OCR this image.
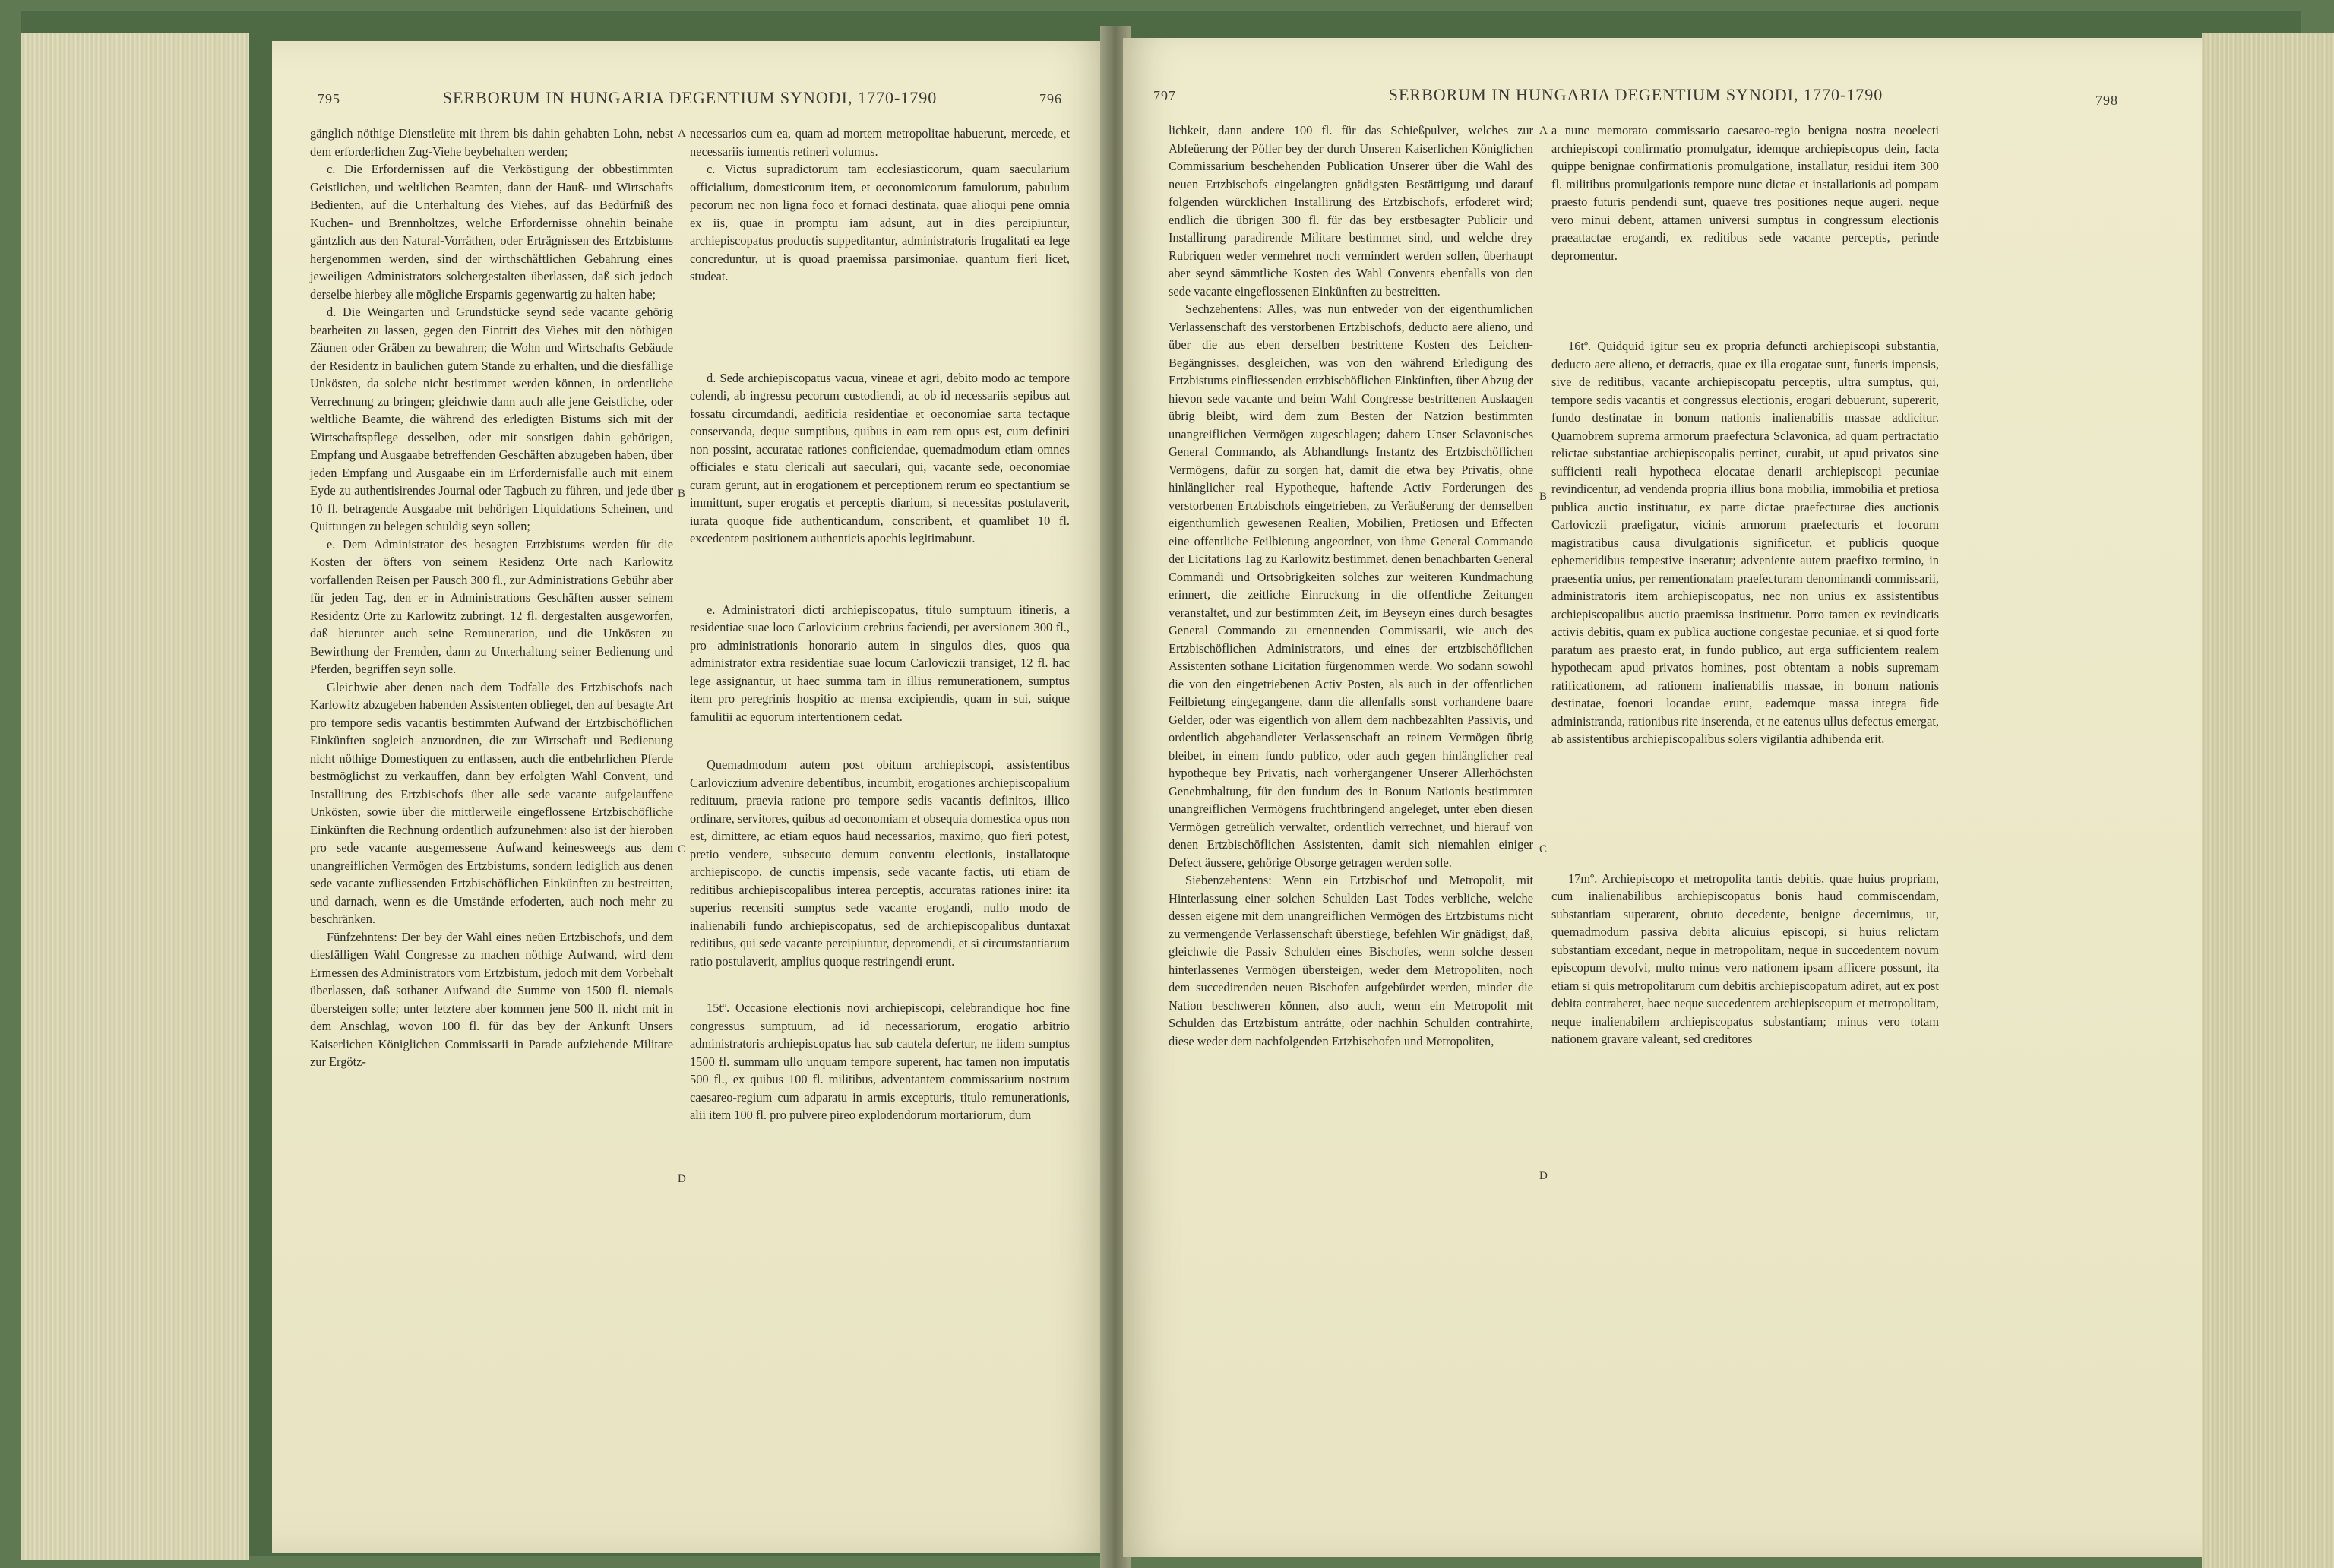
795	SERBORUM IN HUNGARIA DEGENTIUM SYNODI, 1770-1790	796

gänglich nöthige Dienstleüte mit ihrem bis dahin gehabten Lohn, nebst dem erforderlichen Zug-Viehe beybehalten werden;

c. Die Erfordernissen auf die Verköstigung der obbestimmten Geistlichen, und weltlichen Beamten, dann der Hauß- und Wirtschafts Bedienten, auf die Unterhaltung des Viehes, auf das Bedürfniß des Kuchen- und Brennholtzes, welche Erfordernisse ohnehin beinahe gäntzlich aus den Natural-Vorräthen, oder Erträgnissen des Ertzbistums hergenommen werden, sind der wirthschäftlichen Gebahrung eines jeweiligen Administrators solchergestalten überlassen, daß sich jedoch derselbe hierbey alle mögliche Ersparnis gegenwartig zu halten habe;

d. Die Weingarten und Grundstücke seynd sede vacante gehörig bearbeiten zu lassen, gegen den Eintritt des Viehes mit den nöthigen Zäunen oder Gräben zu bewahren; die Wohn und Wirtschafts Gebäude der Residentz in baulichen gutem Stande zu erhalten, und die diesfällige Unkösten, da solche nicht bestimmet werden können, in ordentliche Verrechnung zu bringen; gleichwie dann auch alle jene Geistliche, oder weltliche Beamte, die während des erledigten Bistums sich mit der Wirtschaftspflege desselben, oder mit sonstigen dahin gehörigen, Empfang und Ausgaabe betreffenden Geschäften abzugeben haben, über jeden Empfang und Ausgaabe ein im Erfordernisfalle auch mit einem Eyde zu authentisirendes Journal oder Tagbuch zu führen, und jede über 10 fl. betragende Ausgaabe mit behörigen Liquidations Scheinen, und Quittungen zu belegen schuldig seyn sollen;

e. Dem Administrator des besagten Ertzbistums werden für die Kosten der öfters von seinem Residenz Orte nach Karlowitz vorfallenden Reisen per Pausch 300 fl., zur Administrations Gebühr aber für jeden Tag, den er in Administrations Geschäften ausser seinem Residentz Orte zu Karlowitz zubringt, 12 fl. dergestalten ausgeworfen, daß hierunter auch seine Remuneration, und die Unkösten zu Bewirthung der Fremden, dann zu Unterhaltung seiner Bedienung und Pferden, begriffen seyn solle.

Gleichwie aber denen nach dem Todfalle des Ertzbischofs nach Karlowitz abzugeben habenden Assistenten oblieget, den auf besagte Art pro tempore sedis vacantis bestimmten Aufwand der Ertzbischöflichen Einkünften sogleich anzuordnen, die zur Wirtschaft und Bedienung nicht nöthige Domestiquen zu entlassen, auch die entbehrlichen Pferde bestmöglichst zu verkauffen, dann bey erfolgten Wahl Convent, und Installirung des Ertzbischofs über alle sede vacante aufgelauffene Unkösten, sowie über die mittlerweile eingeflossene Ertzbischöfliche Einkünften die Rechnung ordentlich aufzunehmen: also ist der hieroben pro sede vacante ausgemessene Aufwand keinesweegs aus dem unangreiflichen Vermögen des Ertzbistums, sondern lediglich aus denen sede vacante zufliessenden Ertzbischöflichen Einkünften zu bestreitten, und darnach, wenn es die Umstände erfoderten, auch noch mehr zu beschränken.

Fünfzehntens: Der bey der Wahl eines neüen Ertzbischofs, und dem diesfälligen Wahl Congresse zu machen nöthige Aufwand, wird dem Ermessen des Administrators vom Ertzbistum, jedoch mit dem Vorbehalt überlassen, daß sothaner Aufwand die Summe von 1500 fl. niemals übersteigen solle; unter letztere aber kommen jene 500 fl. nicht mit in dem Anschlag, wovon 100 fl. für das bey der Ankunft Unsers Kaiserlichen Königlichen Commissarii in Parade aufziehende Militare zur Ergötz-

A
B
C
D

necessarios cum ea, quam ad mortem metropolitae habuerunt, mercede, et necessariis iumentis retineri volumus.

c. Victus supradictorum tam ecclesiasticorum, quam saecularium officialium, domesticorum item, et oeconomicorum famulorum, pabulum pecorum nec non ligna foco et fornaci destinata, quae alioqui pene omnia ex iis, quae in promptu iam adsunt, aut in dies percipiuntur, archiepiscopatus productis suppeditantur, administratoris frugalitati ea lege concreduntur, ut is quoad praemissa parsimoniae, quantum fieri licet, studeat.

d. Sede archiepiscopatus vacua, vineae et agri, debito modo ac tempore colendi, ab ingressu pecorum custodiendi, ac ob id necessariis sepibus aut fossatu circumdandi, aedificia residentiae et oeconomiae sarta tectaque conservanda, deque sumptibus, quibus in eam rem opus est, cum definiri non possint, accuratae rationes conficiendae, quemadmodum etiam omnes officiales e statu clericali aut saeculari, qui, vacante sede, oeconomiae curam gerunt, aut in erogationem et perceptionem rerum eo spectantium se immittunt, super erogatis et perceptis diarium, si necessitas postulaverit, iurata quoque fide authenticandum, conscribent, et quamlibet 10 fl. excedentem positionem authenticis apochis legitimabunt.

e. Administratori dicti archiepiscopatus, titulo sumptuum itineris, a residentiae suae loco Carlovicium crebrius faciendi, per aversionem 300 fl., pro administrationis honorario autem in singulos dies, quos qua administrator extra residentiae suae locum Carloviczii transiget, 12 fl. hac lege assignantur, ut haec summa tam in illius remunerationem, sumptus item pro peregrinis hospitio ac mensa excipiendis, quam in sui, suique famulitii ac equorum intertentionem cedat.

Quemadmodum autem post obitum archiepiscopi, assistentibus Carloviczium advenire debentibus, incumbit, erogationes archiepiscopalium redituum, praevia ratione pro tempore sedis vacantis definitos, illico ordinare, servitores, quibus ad oeconomiam et obsequia domestica opus non est, dimittere, ac etiam equos haud necessarios, maximo, quo fieri potest, pretio vendere, subsecuto demum conventu electionis, installatoque archiepiscopo, de cunctis impensis, sede vacante factis, uti etiam de reditibus archiepiscopalibus interea perceptis, accuratas rationes inire: ita superius recensiti sumptus sede vacante erogandi, nullo modo de inalienabili fundo archiepiscopatus, sed de archiepiscopalibus duntaxat reditibus, qui sede vacante percipiuntur, depromendi, et si circumstantiarum ratio postulaverit, amplius quoque restringendi erunt.

15tº. Occasione electionis novi archiepiscopi, celebrandique hoc fine congressus sumptuum, ad id necessariorum, erogatio arbitrio administratoris archiepiscopatus hac sub cautela defertur, ne iidem sumptus 1500 fl. summam ullo unquam tempore superent, hac tamen non imputatis 500 fl., ex quibus 100 fl. militibus, adventantem commissarium nostrum caesareo-regium cum adparatu in armis excepturis, titulo remunerationis, alii item 100 fl. pro pulvere pireo explodendorum mortariorum, dum

797	SERBORUM IN HUNGARIA DEGENTIUM SYNODI, 1770-1790	798

lichkeit, dann andere 100 fl. für das Schießpulver, welches zur Abfeüerung der Pöller bey der durch Unseren Kaiserlichen Königlichen Commissarium beschehenden Publication Unserer über die Wahl des neuen Ertzbischofs eingelangten gnädigsten Bestättigung und darauf folgenden würcklichen Installirung des Ertzbischofs, erfoderet wird; endlich die übrigen 300 fl. für das bey erstbesagter Publicir und Installirung paradirende Militare bestimmet sind, und welche drey Rubriquen weder vermehret noch vermindert werden sollen, überhaupt aber seynd sämmtliche Kosten des Wahl Convents ebenfalls von den sede vacante eingeflossenen Einkünften zu bestreitten.

Sechzehentens: Alles, was nun entweder von der eigenthumlichen Verlassenschaft des verstorbenen Ertzbischofs, deducto aere alieno, und über die aus eben derselben bestrittene Kosten des Leichen-Begängnisses, desgleichen, was von den während Erledigung des Ertzbistums einfliessenden ertzbischöflichen Einkünften, über Abzug der hievon sede vacante und beim Wahl Congresse bestrittenen Auslaagen übrig bleibt, wird dem zum Besten der Natzion bestimmten unangreiflichen Vermögen zugeschlagen; dahero Unser Sclavonisches General Commando, als Abhandlungs Instantz des Ertzbischöflichen Vermögens, dafür zu sorgen hat, damit die etwa bey Privatis, ohne hinlänglicher real Hypotheque, haftende Activ Forderungen des verstorbenen Ertzbischofs eingetrieben, zu Veräußerung der demselben eigenthumlich gewesenen Realien, Mobilien, Pretiosen und Effecten eine offentliche Feilbietung angeordnet, von ihme General Commando der Licitations Tag zu Karlowitz bestimmet, denen benachbarten General Commandi und Ortsobrigkeiten solches zur weiteren Kundmachung erinnert, die zeitliche Einruckung in die offentliche Zeitungen veranstaltet, und zur bestimmten Zeit, im Beyseyn eines durch besagtes General Commando zu ernennenden Commissarii, wie auch des Ertzbischöflichen Administrators, und eines der ertzbischöflichen Assistenten sothane Licitation fürgenommen werde. Wo sodann sowohl die von den eingetriebenen Activ Posten, als auch in der offentlichen Feilbietung eingegangene, dann die allenfalls sonst vorhandene baare Gelder, oder was eigentlich von allem dem nachbezahlten Passivis, und ordentlich abgehandleter Verlassenschaft an reinem Vermögen übrig bleibet, in einem fundo publico, oder auch gegen hinlänglicher real hypotheque bey Privatis, nach vorhergangener Unserer Allerhöchsten Genehmhaltung, für den fundum des in Bonum Nationis bestimmten unangreiflichen Vermögens fruchtbringend angeleget, unter eben diesen Vermögen getreülich verwaltet, ordentlich verrechnet, und hierauf von denen Ertzbischöflichen Assistenten, damit sich niemahlen einiger Defect äussere, gehörige Obsorge getragen werden solle.

Siebenzehentens: Wenn ein Ertzbischof und Metropolit, mit Hinterlassung einer solchen Schulden Last Todes verbliche, welche dessen eigene mit dem unangreiflichen Vermögen des Ertzbistums nicht zu vermengende Verlassenschaft überstiege, befehlen Wir gnädigst, daß, gleichwie die Passiv Schulden eines Bischofes, wenn solche dessen hinterlassenes Vermögen übersteigen, weder dem Metropoliten, noch dem succedirenden neuen Bischofen aufgebürdet werden, minder die Nation beschweren können, also auch, wenn ein Metropolit mit Schulden das Ertzbistum antrátte, oder nachhin Schulden contrahirte, diese weder dem nachfolgenden Ertzbischofen und Metropoliten,

A
B
C
D

a nunc memorato commissario caesareo-regio benigna nostra neoelecti archiepiscopi confirmatio promulgatur, idemque archiepiscopus dein, facta quippe benignae confirmationis promulgatione, installatur, residui item 300 fl. militibus promulgationis tempore nunc dictae et installationis ad pompam praesto futuris pendendi sunt, quaeve tres positiones neque augeri, neque vero minui debent, attamen universi sumptus in congressum electionis praeattactae erogandi, ex reditibus sede vacante perceptis, perinde depromentur.

16tº. Quidquid igitur seu ex propria defuncti archiepiscopi substantia, deducto aere alieno, et detractis, quae ex illa erogatae sunt, funeris impensis, sive de reditibus, vacante archiepiscopatu perceptis, ultra sumptus, qui, tempore sedis vacantis et congressus electionis, erogari debuerunt, supererit, fundo destinatae in bonum nationis inalienabilis massae addicitur. Quamobrem suprema armorum praefectura Sclavonica, ad quam pertractatio relictae substantiae archiepiscopalis pertinet, curabit, ut apud privatos sine sufficienti reali hypotheca elocatae denarii archiepiscopi pecuniae revindicentur, ad vendenda propria illius bona mobilia, immobilia et pretiosa publica auctio instituatur, ex parte dictae praefecturae dies auctionis Carloviczii praefigatur, vicinis armorum praefecturis et locorum magistratibus causa divulgationis significetur, et publicis quoque ephemeridibus tempestive inseratur; adveniente autem praefixo termino, in praesentia unius, per rementionatam praefecturam denominandi commissarii, administratoris item archiepiscopatus, nec non unius ex assistentibus archiepiscopalibus auctio praemissa instituetur. Porro tamen ex revindicatis activis debitis, quam ex publica auctione congestae pecuniae, et si quod forte paratum aes praesto erat, in fundo publico, aut erga sufficientem realem hypothecam apud privatos homines, post obtentam a nobis supremam ratificationem, ad rationem inalienabilis massae, in bonum nationis destinatae, foenori locandae erunt, eademque massa integra fide administranda, rationibus rite inserenda, et ne eatenus ullus defectus emergat, ab assistentibus archiepiscopalibus solers vigilantia adhibenda erit.

17mº. Archiepiscopo et metropolita tantis debitis, quae huius propriam, cum inalienabilibus archiepiscopatus bonis haud commiscendam, substantiam superarent, obruto decedente, benigne decernimus, ut, quemadmodum passiva debita alicuius episcopi, si huius relictam substantiam excedant, neque in metropolitam, neque in succedentem novum episcopum devolvi, multo minus vero nationem ipsam afficere possunt, ita etiam si quis metropolitarum cum debitis archiepiscopatum adiret, aut ex post debita contraheret, haec neque succedentem archiepiscopum et metropolitam, neque inalienabilem archiepiscopatus substantiam; minus vero totam nationem gravare valeant, sed creditores
